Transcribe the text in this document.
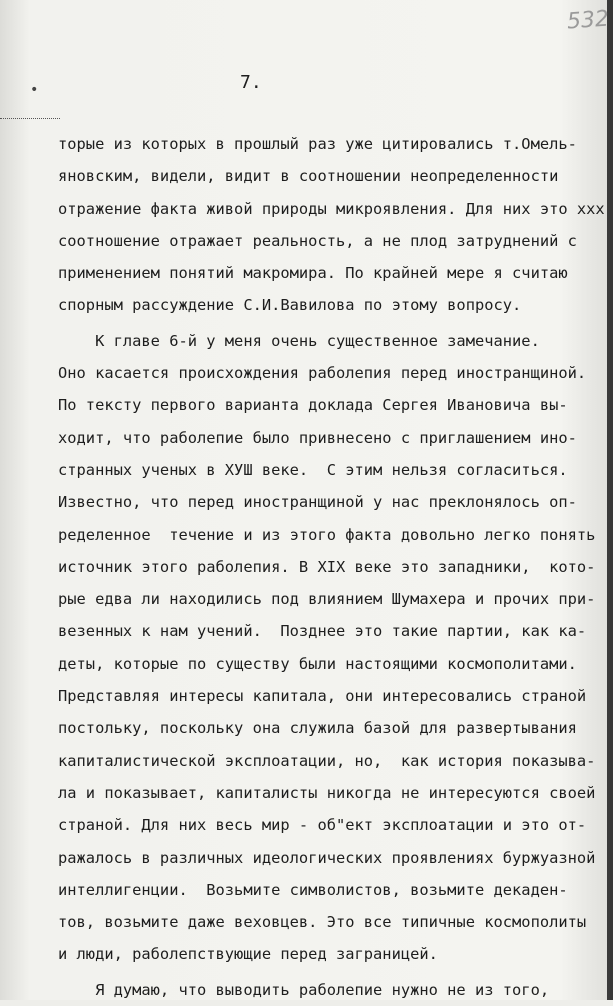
532
•	7.
торые из которых в прошлый раз уже цитировались т.Омель-
яновским, видели, видит в соотношении неопределенности
отражение факта живой природы микроявления. Для них это ххх
соотношение отражает реальность, а не плод затруднений с
применением понятий макромира. По крайней мере я считаю
спорным рассуждение С.И.Вавилова по этому вопросу.
К главе 6-й у меня очень существенное замечание.
Оно касается происхождения раболепия перед иностранщиной.
По тексту первого варианта доклада Сергея Ивановича вы-
ходит, что раболепие было привнесено с приглашением ино-
странных ученых в ХУШ веке.  С этим нельзя согласиться.
Известно, что перед иностранщиной у нас преклонялось оп-
ределенное  течение и из этого факта довольно легко понять
источник этого раболепия. В XIX веке это западники,  кото-
рые едва ли находились под влиянием Шумахера и прочих при-
везенных к нам учений.  Позднее это такие партии, как ка-
деты, которые по существу были настоящими космополитами.
Представляя интересы капитала, они интересовались страной
постольку, поскольку она служила базой для развертывания
капиталистической эксплоатации, но,  как история показыва-
ла и показывает, капиталисты никогда не интересуются своей
страной. Для них весь мир - об"ект эксплоатации и это от-
ражалось в различных идеологических проявлениях буржуазной
интеллигенции.  Возьмите символистов, возьмите декаден-
тов, возьмите даже веховцев. Это все типичные космополиты
и люди, раболепствующие перед заграницей.
Я думаю, что выводить раболепие нужно не из того,
